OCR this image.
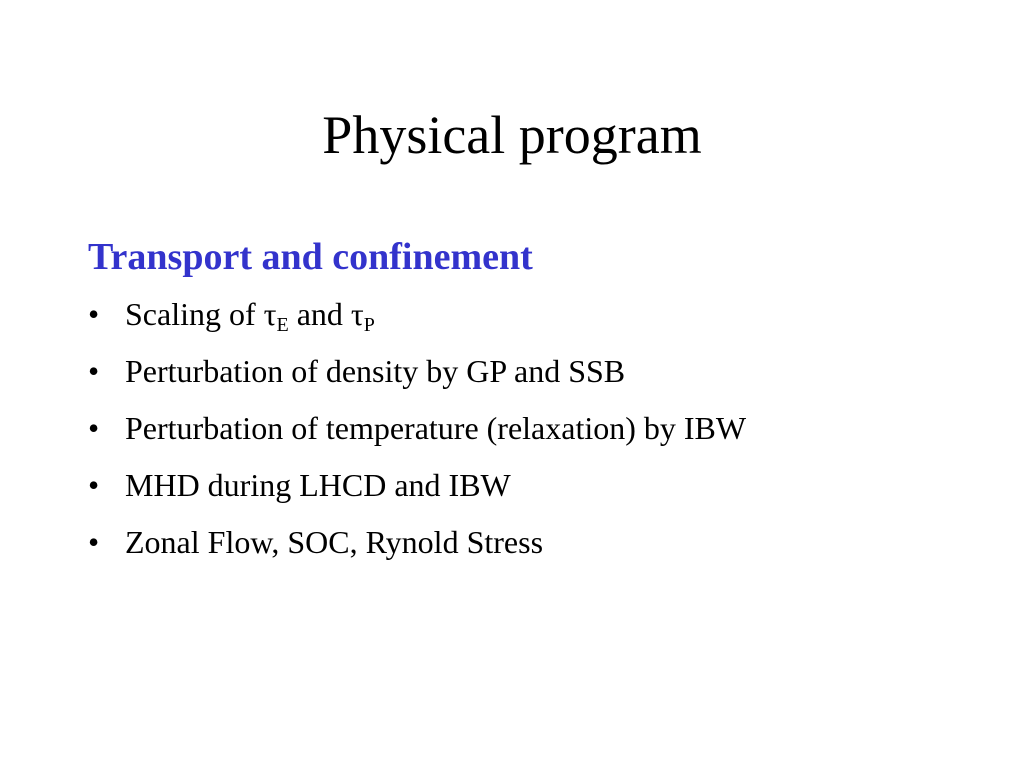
Physical program
Transport and confinement
• Scaling of $\tau_E$ and $\tau_P$
• Perturbation of density by GP and SSB
• Perturbation of temperature (relaxation) by IBW
• MHD during LHCD and IBW
• Zonal Flow, SOC, Rynold Stress
